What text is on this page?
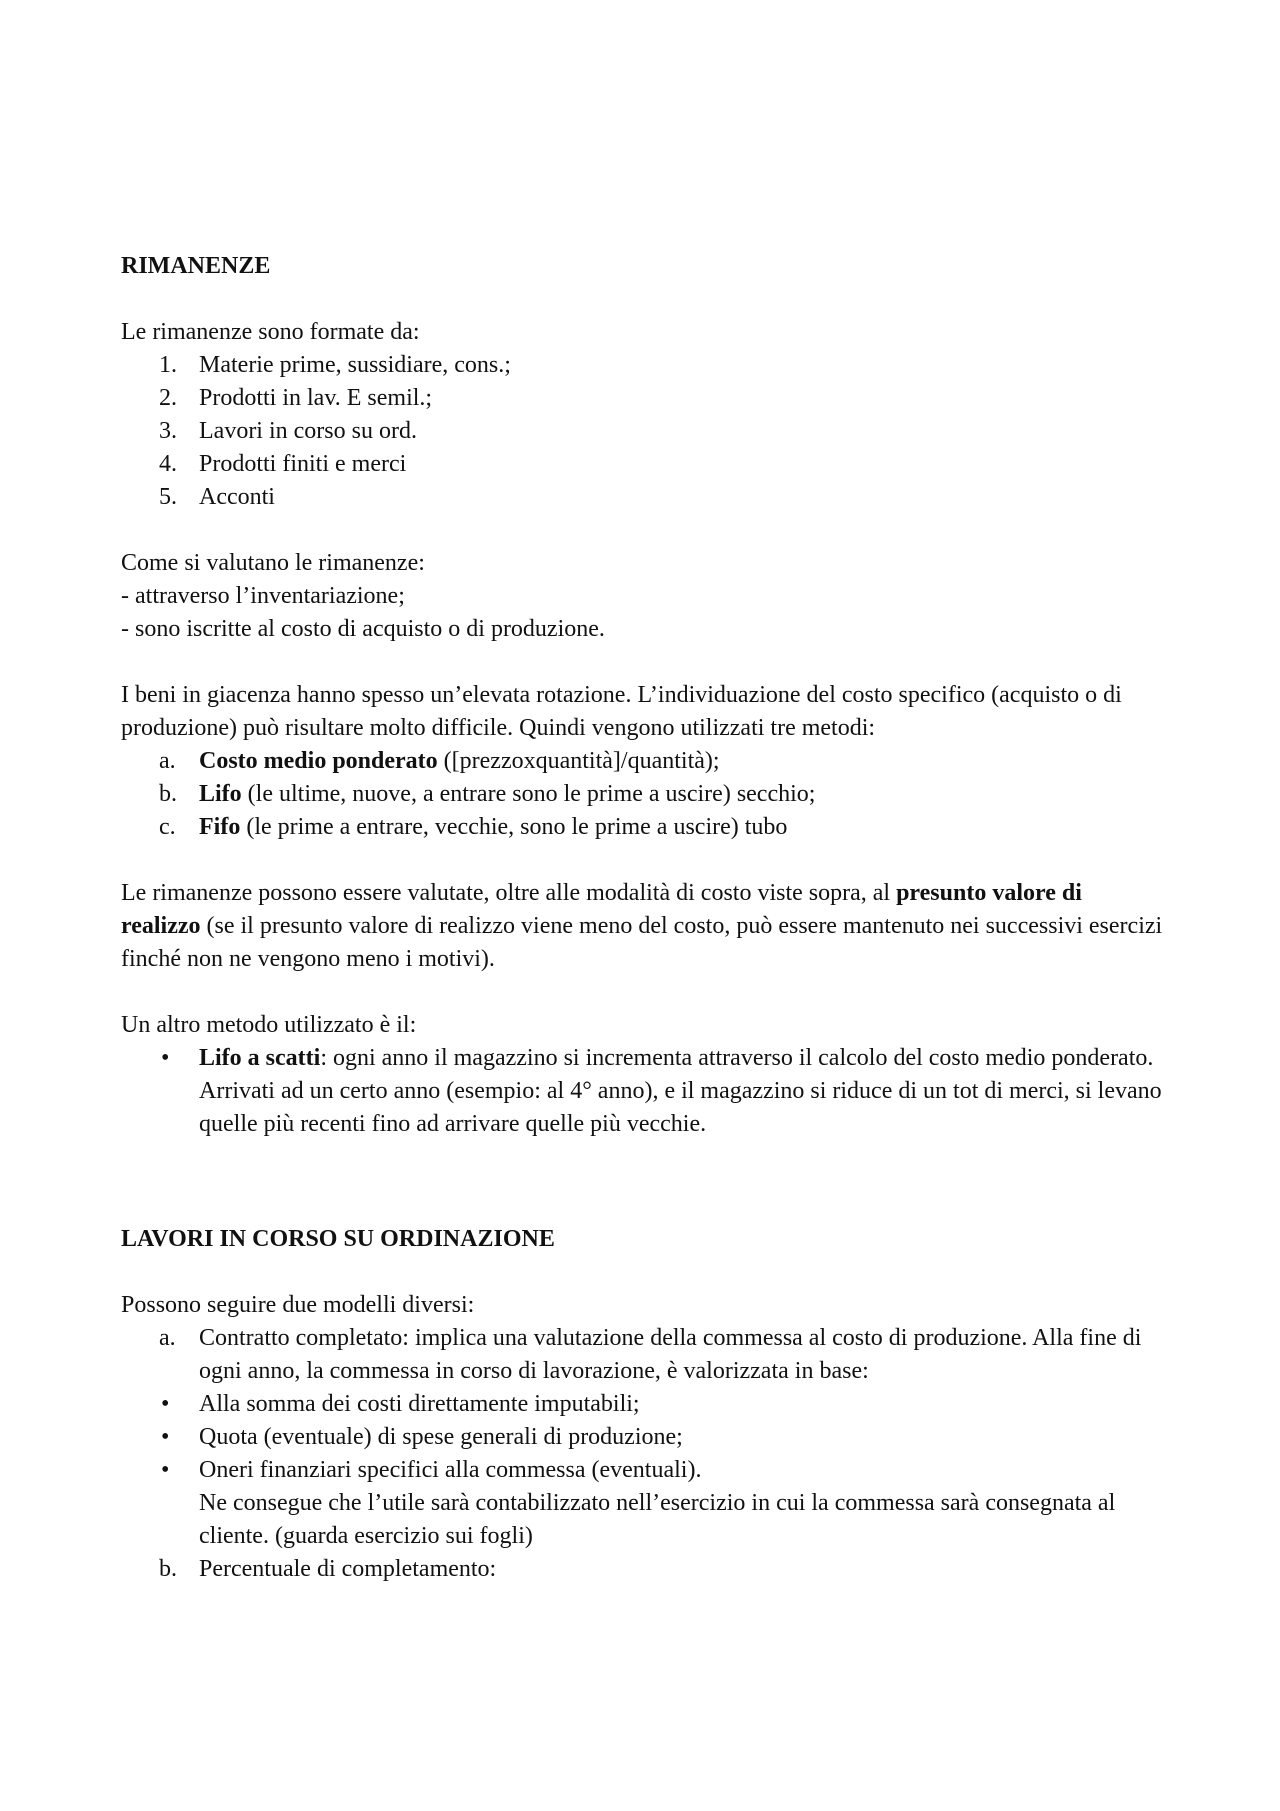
RIMANENZE

Le rimanenze sono formate da:

1. Materie prime, sussidiare, cons.;

2. Prodotti in lav. E semil.;

3. Lavori in corso su ord.

4. Prodotti finiti e merci

5. Acconti

Come si valutano le rimanenze:

- attraverso l’inventariazione;

- sono iscritte al costo di acquisto o di produzione.

I beni in giacenza hanno spesso un’elevata rotazione. L’individuazione del costo specifico (acquisto o di produzione) può risultare molto difficile. Quindi vengono utilizzati tre metodi:

a. Costo medio ponderato ([prezzoxquantità]/quantità);

b. Lifo (le ultime, nuove, a entrare sono le prime a uscire) secchio;

c. Fifo (le prime a entrare, vecchie, sono le prime a uscire) tubo

Le rimanenze possono essere valutate, oltre alle modalità di costo viste sopra, al presunto valore di realizzo (se il presunto valore di realizzo viene meno del costo, può essere mantenuto nei successivi esercizi finché non ne vengono meno i motivi).

Un altro metodo utilizzato è il:

•	Lifo a scatti: ogni anno il magazzino si incrementa attraverso il calcolo del costo medio ponderato. Arrivati ad un certo anno (esempio: al 4° anno), e il magazzino si riduce di un tot di merci, si levano quelle più recenti fino ad arrivare quelle più vecchie.

LAVORI IN CORSO SU ORDINAZIONE

Possono seguire due modelli diversi:

a. Contratto completato: implica una valutazione della commessa al costo di produzione. Alla fine di ogni anno, la commessa in corso di lavorazione, è valorizzata in base:

•	Alla somma dei costi direttamente imputabili;

•	Quota (eventuale) di spese generali di produzione;

•	Oneri finanziari specifici alla commessa (eventuali).

Ne consegue che l’utile sarà contabilizzato nell’esercizio in cui la commessa sarà consegnata al cliente. (guarda esercizio sui fogli)

b. Percentuale di completamento:
